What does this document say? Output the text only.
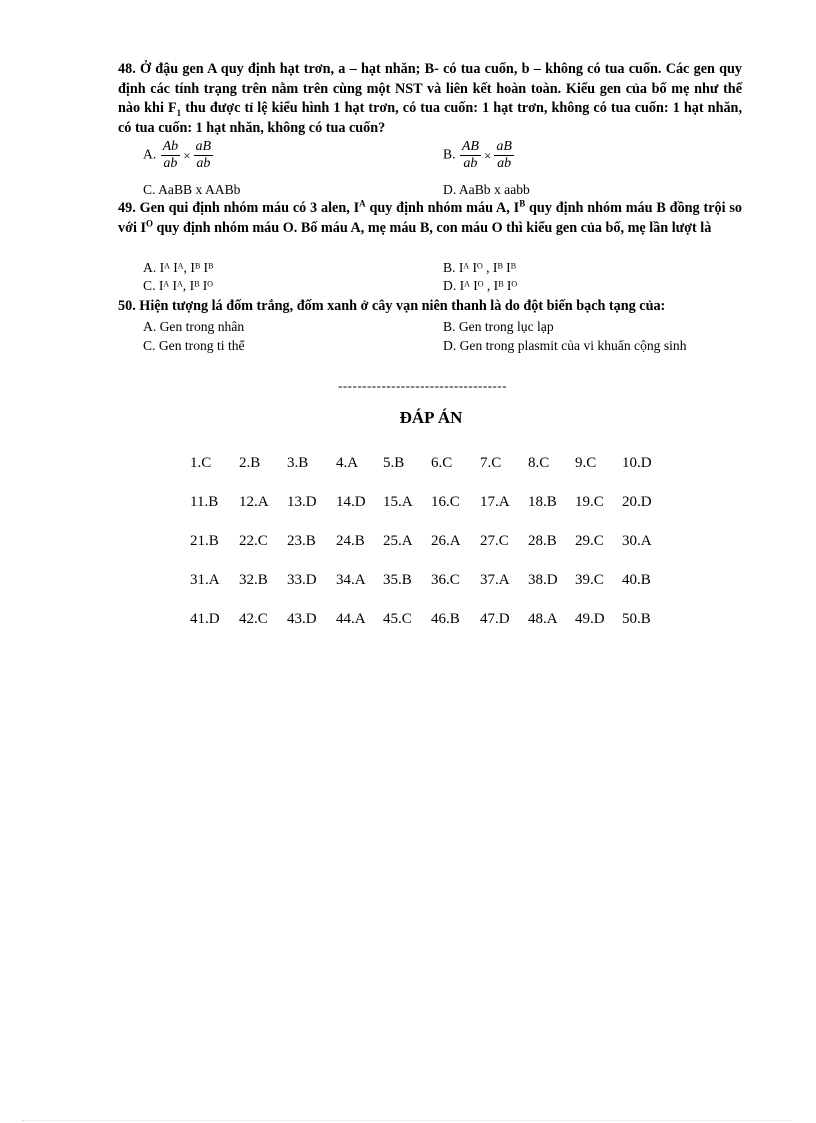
48. Ở đậu gen A quy định hạt trơn, a – hạt nhăn; B- có tua cuốn, b – không có tua cuốn. Các gen quy định các tính trạng trên nằm trên cùng một NST và liên kết hoàn toàn. Kiểu gen của bố mẹ như thế nào khi $F_1$ thu được tỉ lệ kiểu hình 1 hạt trơn, có tua cuốn: 1 hạt trơn, không có tua cuốn: 1 hạt nhăn, có tua cuốn: 1 hạt nhăn, không có tua cuốn?

A. $\frac{Ab}{ab} \times \frac{aB}{ab}$	B. $\frac{AB}{ab} \times \frac{aB}{ab}$
C. AaBB x AABb	D. AaBb x aabb

49. Gen qui định nhóm máu có 3 alen, $I^A$ quy định nhóm máu A, $I^B$ quy định nhóm máu B đồng trội so với $I^O$ quy định nhóm máu O. Bố máu A, mẹ máu B, con máu O thì kiểu gen của bố, mẹ lần lượt là

A. Iᴬ Iᴬ, Iᴮ Iᴮ	B. Iᴬ Iᴼ , Iᴮ Iᴮ
C. Iᴬ Iᴬ, Iᴮ Iᴼ	D. Iᴬ Iᴼ , Iᴮ Iᴼ

50. Hiện tượng lá đốm trắng, đốm xanh ở cây vạn niên thanh là do đột biến bạch tạng của:

A. Gen trong nhân	B. Gen trong lục lạp
C. Gen trong ti thể	D. Gen trong plasmit của vi khuẩn cộng sinh
-----------------------------------
ĐÁP ÁN
1.C 2.B 3.B 4.A 5.B 6.C 7.C 8.C 9.C 10.D
11.B 12.A 13.D 14.D 15.A 16.C 17.A 18.B 19.C 20.D
21.B 22.C 23.B 24.B 25.A 26.A 27.C 28.B 29.C 30.A
31.A 32.B 33.D 34.A 35.B 36.C 37.A 38.D 39.C 40.B
41.D 42.C 43.D 44.A 45.C 46.B 47.D 48.A 49.D 50.B
